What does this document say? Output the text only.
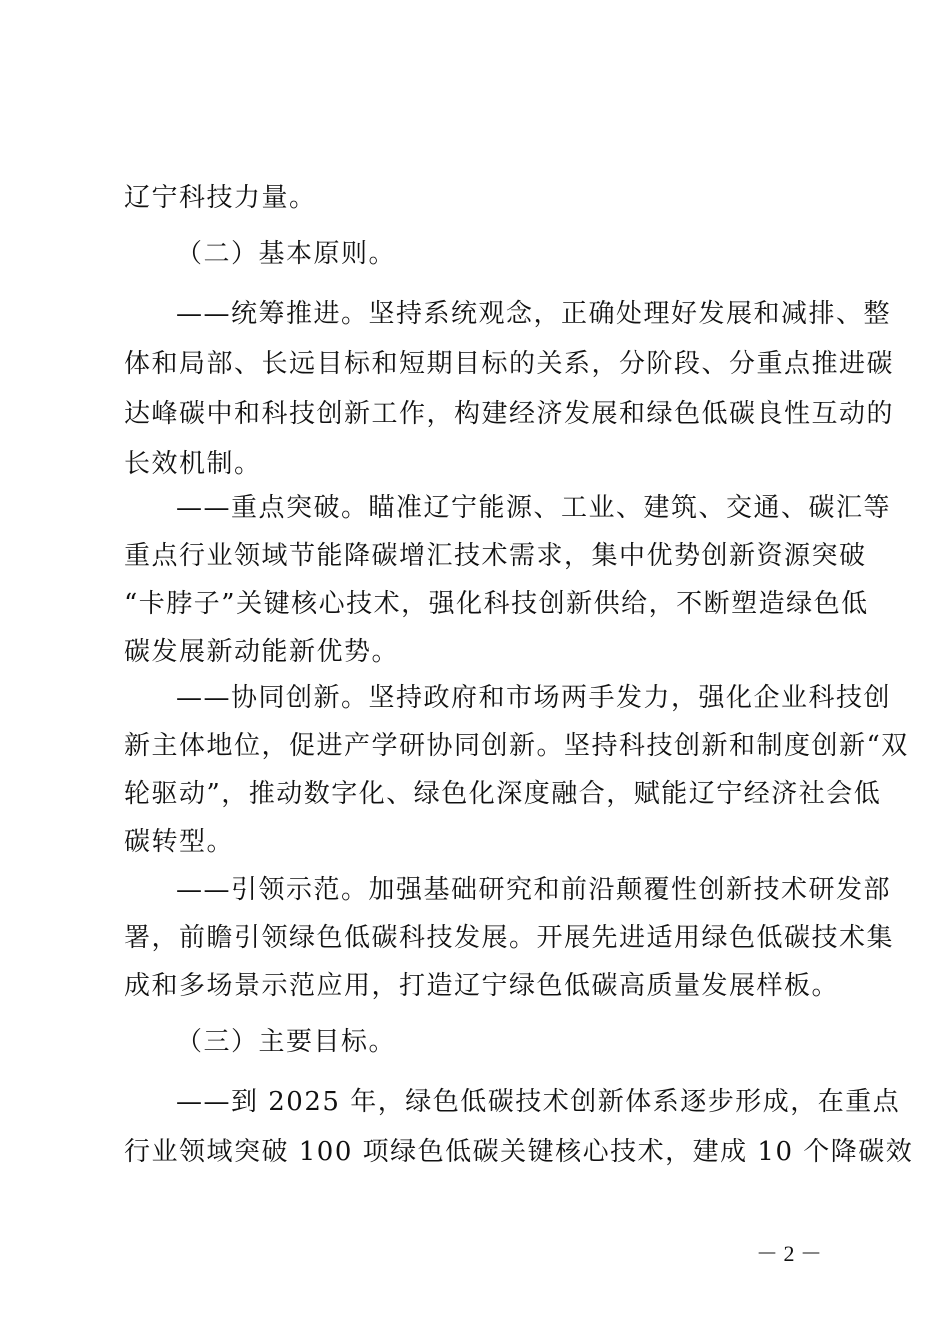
辽宁科技力量。
（二）基本原则。
——统筹推进。坚持系统观念，正确处理好发展和减排、整
体和局部、长远目标和短期目标的关系，分阶段、分重点推进碳
达峰碳中和科技创新工作，构建经济发展和绿色低碳良性互动的
长效机制。
——重点突破。瞄准辽宁能源、工业、建筑、交通、碳汇等
重点行业领域节能降碳增汇技术需求，集中优势创新资源突破
“卡脖子”关键核心技术，强化科技创新供给，不断塑造绿色低
碳发展新动能新优势。
——协同创新。坚持政府和市场两手发力，强化企业科技创
新主体地位，促进产学研协同创新。坚持科技创新和制度创新“双
轮驱动”，推动数字化、绿色化深度融合，赋能辽宁经济社会低
碳转型。
——引领示范。加强基础研究和前沿颠覆性创新技术研发部
署，前瞻引领绿色低碳科技发展。开展先进适用绿色低碳技术集
成和多场景示范应用，打造辽宁绿色低碳高质量发展样板。
（三）主要目标。
——到 2025 年，绿色低碳技术创新体系逐步形成，在重点
行业领域突破 100 项绿色低碳关键核心技术，建成 10 个降碳效
－ 2 －
